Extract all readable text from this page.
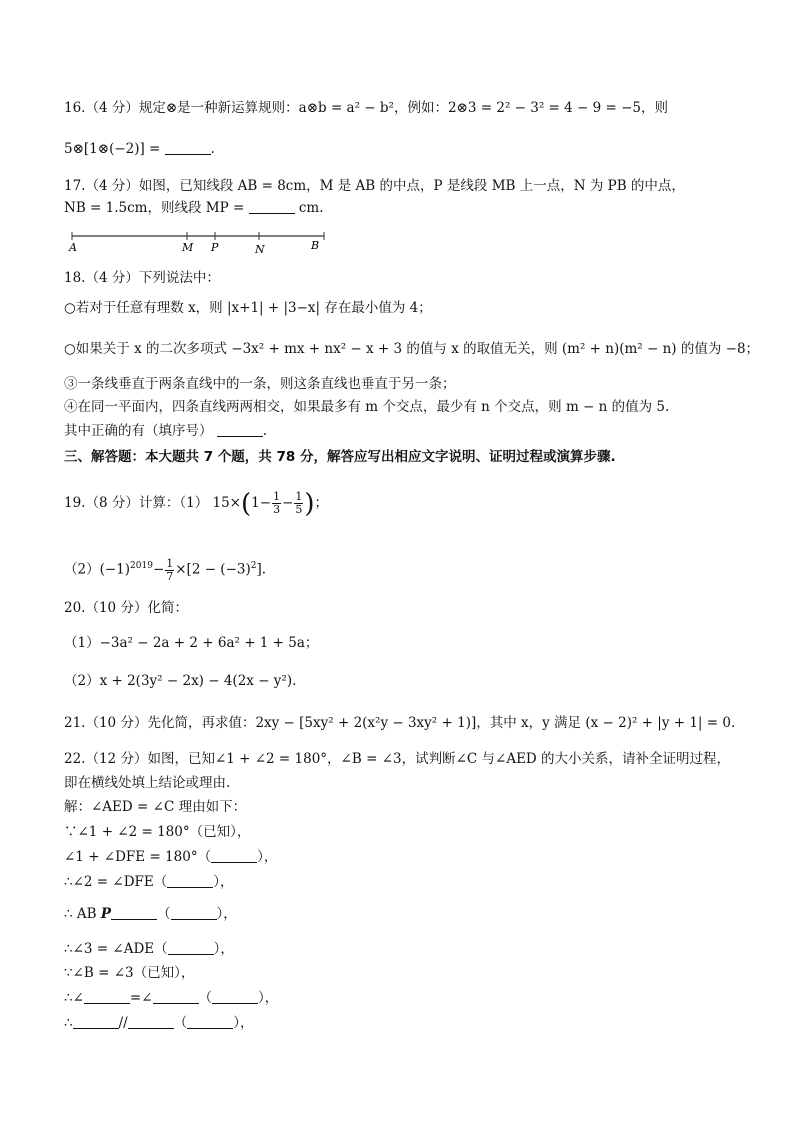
16.（4 分）规定⊗是一种新运算规则：a⊗b = a² − b²，例如：2⊗3 = 2² − 3² = 4 − 9 = −5，则
5⊗[1⊗(−2)] =	.
17.（4 分）如图，已知线段 AB = 8cm，M 是 AB 的中点，P 是线段 MB 上一点，N 为 PB 的中点，
NB = 1.5cm，则线段 MP =	cm.
A	M P	N	B
18.（4 分）下列说法中：
○若对于任意有理数 x，则 |x+1| + |3−x| 存在最小值为 4；
○如果关于 x 的二次多项式 −3x² + mx + nx² − x + 3 的值与 x 的取值无关，则 (m² + n)(m² − n) 的值为 −8；
③一条线垂直于两条直线中的一条，则这条直线也垂直于另一条；
④在同一平面内，四条直线两两相交，如果最多有 m 个交点，最少有 n 个交点，则 m − n 的值为 5.
其中正确的有（填序号）	.
三、解答题：本大题共 7 个题，共 78 分，解答应写出相应文字说明、证明过程或演算步骤.
19.（8 分）计算：（1） $15\times(1- \frac{1}{3} - \frac{1}{5}$ )；
$(2)(-1)^{2019}- \frac{1}{7} \times[2 - (-3)^2]$.
20.（10 分）化简：
（1）−3a² − 2a + 2 + 6a² + 1 + 5a；
（2）x + 2(3y² − 2x) − 4(2x − y²).
21.（10 分）先化简，再求值：2xy − [5xy² + 2(x²y − 3xy² + 1)]，其中 x，y 满足 (x − 2)² + |y + 1| = 0.
22.（12 分）如图，已知∠1 + ∠2 = 180°，∠B = ∠3，试判断∠C 与∠AED 的大小关系，请补全证明过程，
即在横线处填上结论或理由.
解：∠AED = ∠C 理由如下：
∵∠1 + ∠2 = 180°（已知），
∠1 + ∠DFE = 180°（	），
∴∠2 = ∠DFE（	），
∴ AB P	（	），
∴∠3 = ∠ADE（	），
∵∠B = ∠3（已知），
∴∠	=∠	（	），
∴	//	（	），
